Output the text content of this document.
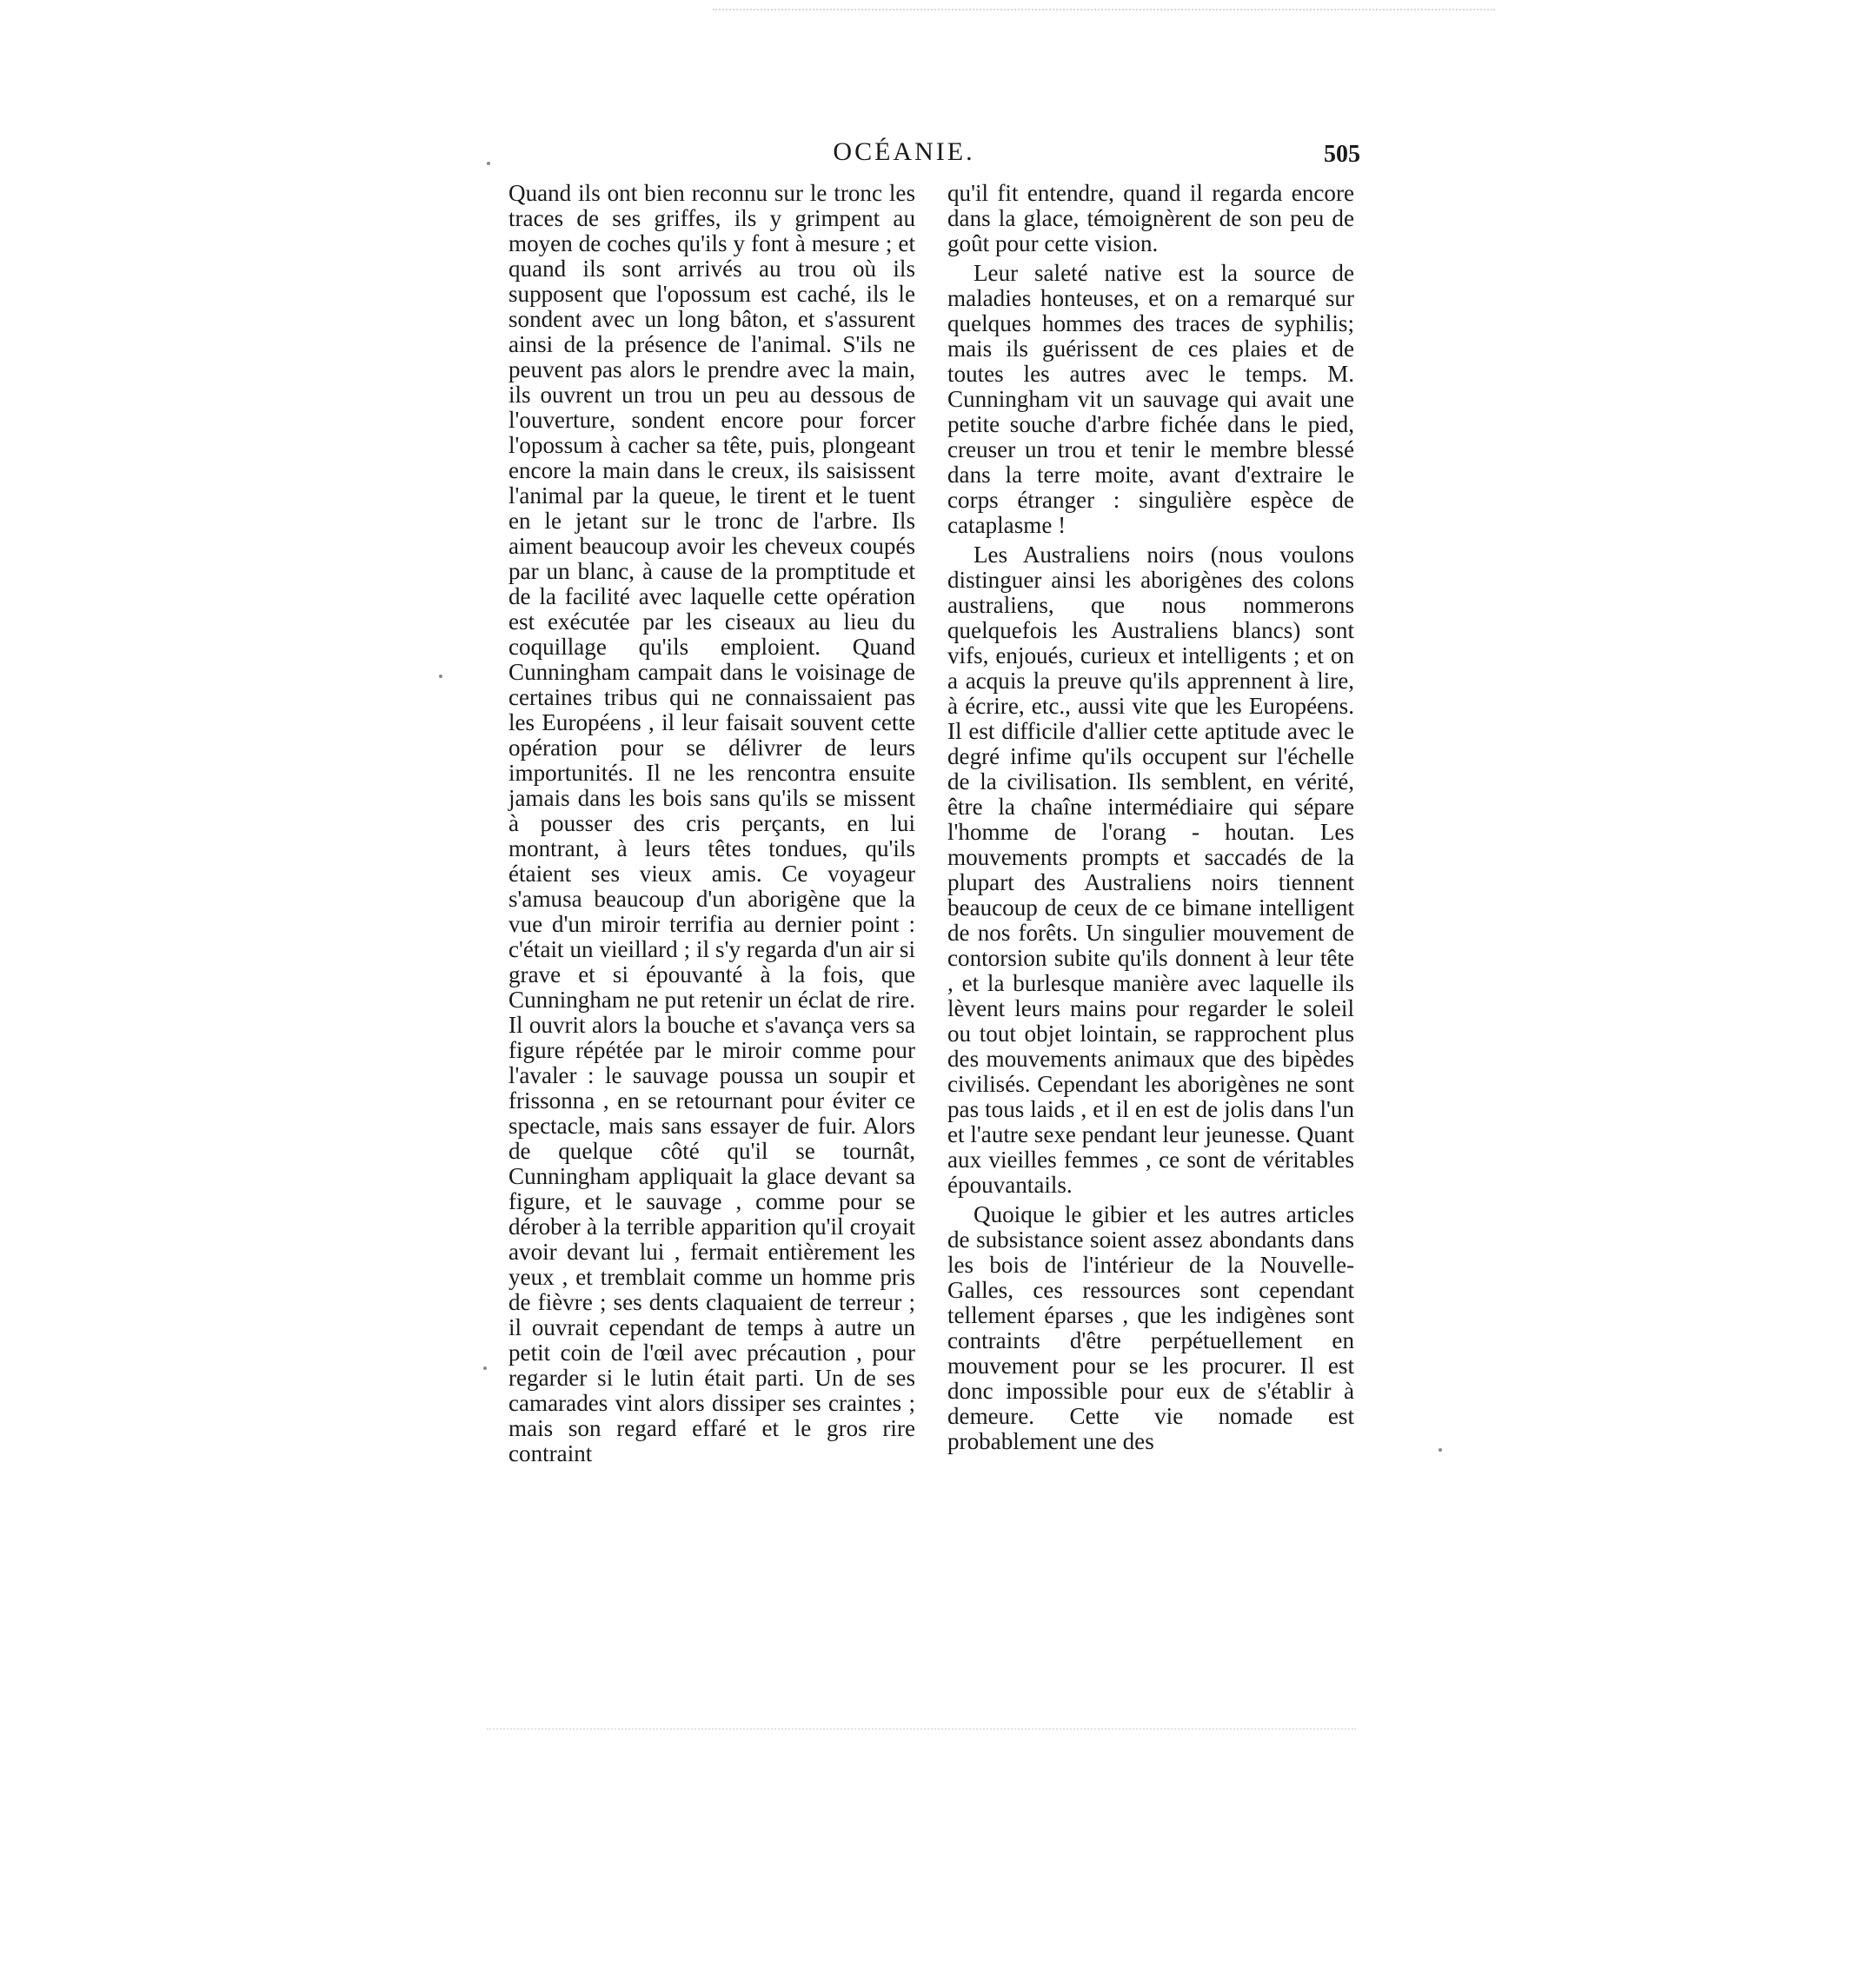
OCÉANIE.	505

Quand ils ont bien reconnu sur le tronc les traces de ses griffes, ils y grimpent au moyen de coches qu'ils y font à mesure ; et quand ils sont arrivés au trou où ils supposent que l'opossum est caché, ils le sondent avec un long bâton, et s'assurent ainsi de la présence de l'animal. S'ils ne peuvent pas alors le prendre avec la main, ils ouvrent un trou un peu au dessous de l'ouverture, sondent encore pour forcer l'opossum à cacher sa tête, puis, plongeant encore la main dans le creux, ils saisissent l'animal par la queue, le tirent et le tuent en le jetant sur le tronc de l'arbre. Ils aiment beaucoup avoir les cheveux coupés par un blanc, à cause de la promptitude et de la facilité avec laquelle cette opération est exécutée par les ciseaux au lieu du coquillage qu'ils emploient. Quand Cunningham campait dans le voisinage de certaines tribus qui ne connaissaient pas les Européens , il leur faisait souvent cette opération pour se délivrer de leurs importunités. Il ne les rencontra ensuite jamais dans les bois sans qu'ils se missent à pousser des cris perçants, en lui montrant, à leurs têtes tondues, qu'ils étaient ses vieux amis. Ce voyageur s'amusa beaucoup d'un aborigène que la vue d'un miroir terrifia au dernier point : c'était un vieillard ; il s'y regarda d'un air si grave et si épouvanté à la fois, que Cunningham ne put retenir un éclat de rire. Il ouvrit alors la bouche et s'avança vers sa figure répétée par le miroir comme pour l'avaler : le sauvage poussa un soupir et frissonna , en se retournant pour éviter ce spectacle, mais sans essayer de fuir. Alors de quelque côté qu'il se tournât, Cunningham appliquait la glace devant sa figure, et le sauvage , comme pour se dérober à la terrible apparition qu'il croyait avoir devant lui , fermait entièrement les yeux , et tremblait comme un homme pris de fièvre ; ses dents claquaient de terreur ; il ouvrait cependant de temps à autre un petit coin de l'œil avec précaution , pour regarder si le lutin était parti. Un de ses camarades vint alors dissiper ses craintes ; mais son regard effaré et le gros rire contraint

qu'il fit entendre, quand il regarda encore dans la glace, témoignèrent de son peu de goût pour cette vision.

Leur saleté native est la source de maladies honteuses, et on a remarqué sur quelques hommes des traces de syphilis; mais ils guérissent de ces plaies et de toutes les autres avec le temps. M. Cunningham vit un sauvage qui avait une petite souche d'arbre fichée dans le pied, creuser un trou et tenir le membre blessé dans la terre moite, avant d'extraire le corps étranger : singulière espèce de cataplasme !

Les Australiens noirs (nous voulons distinguer ainsi les aborigènes des colons australiens, que nous nommerons quelquefois les Australiens blancs) sont vifs, enjoués, curieux et intelligents ; et on a acquis la preuve qu'ils apprennent à lire, à écrire, etc., aussi vite que les Européens. Il est difficile d'allier cette aptitude avec le degré infime qu'ils occupent sur l'échelle de la civilisation. Ils semblent, en vérité, être la chaîne intermédiaire qui sépare l'homme de l'orang - houtan. Les mouvements prompts et saccadés de la plupart des Australiens noirs tiennent beaucoup de ceux de ce bimane intelligent de nos forêts. Un singulier mouvement de contorsion subite qu'ils donnent à leur tête , et la burlesque manière avec laquelle ils lèvent leurs mains pour regarder le soleil ou tout objet lointain, se rapprochent plus des mouvements animaux que des bipèdes civilisés. Cependant les aborigènes ne sont pas tous laids , et il en est de jolis dans l'un et l'autre sexe pendant leur jeunesse. Quant aux vieilles femmes , ce sont de véritables épouvantails.

Quoique le gibier et les autres articles de subsistance soient assez abondants dans les bois de l'intérieur de la Nouvelle-Galles, ces ressources sont cependant tellement éparses , que les indigènes sont contraints d'être perpétuellement en mouvement pour se les procurer. Il est donc impossible pour eux de s'établir à demeure. Cette vie nomade est probablement une des
